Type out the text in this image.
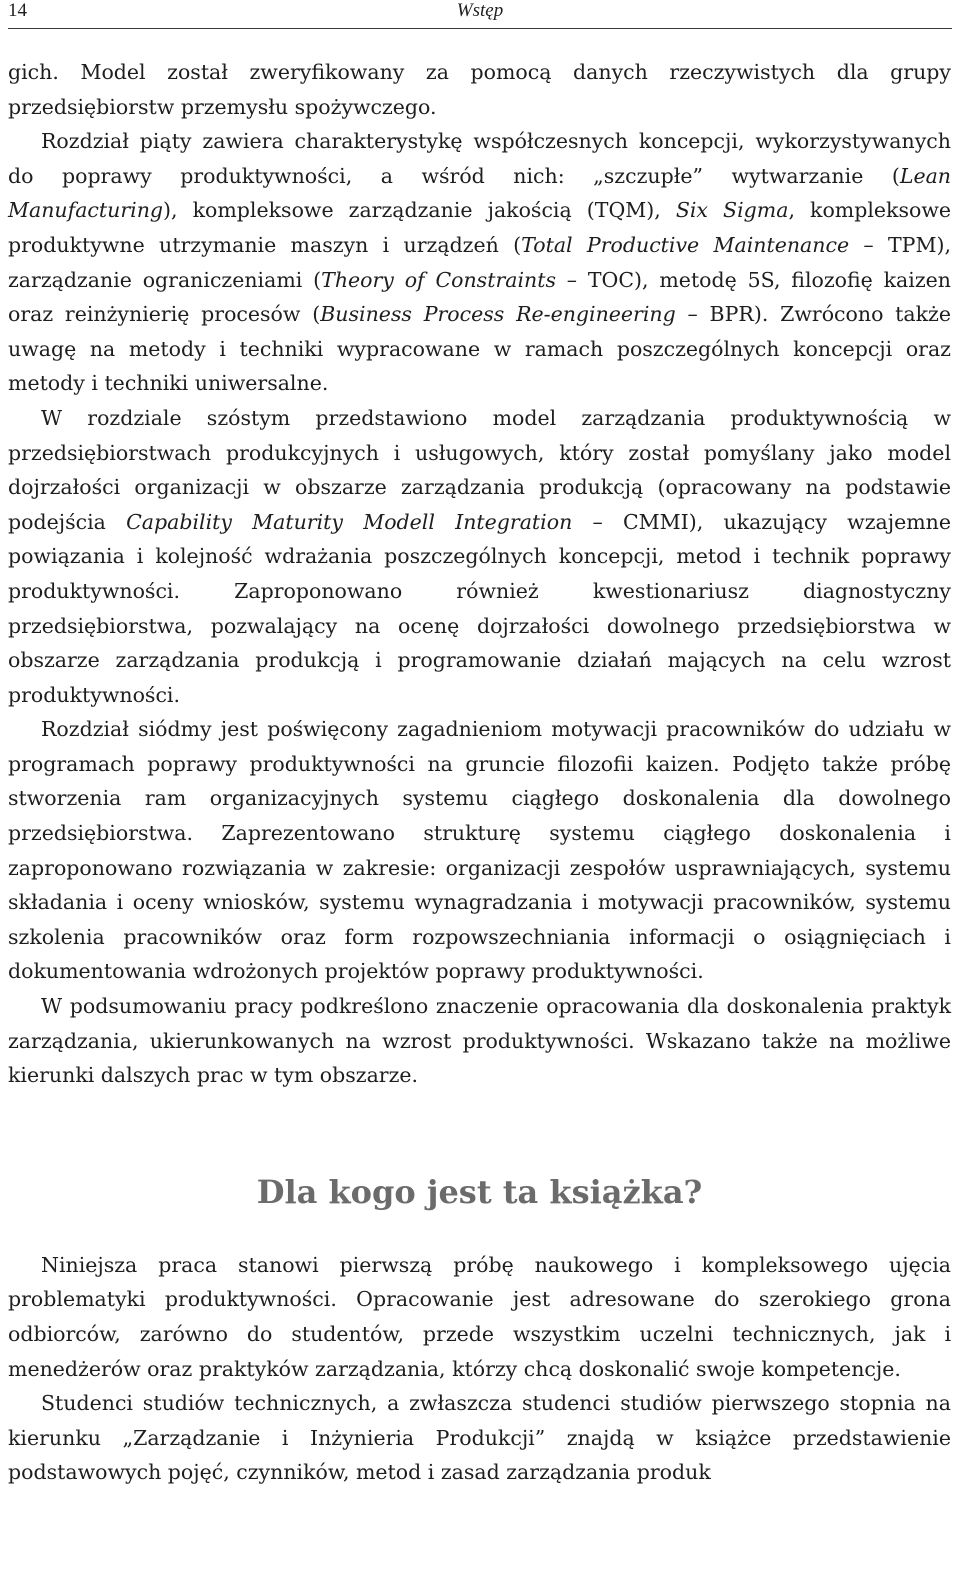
14	Wstęp

gich. Model został zweryfikowany za pomocą danych rzeczywistych dla grupy przedsiębiorstw przemysłu spożywczego.

Rozdział piąty zawiera charakterystykę współczesnych koncepcji, wykorzystywanych do poprawy produktywności, a wśród nich: „szczupłe” wytwarzanie (Lean Manufacturing), kompleksowe zarządzanie jakością (TQM), Six Sigma, kompleksowe produktywne utrzymanie maszyn i urządzeń (Total Productive Maintenance – TPM), zarządzanie ograniczeniami (Theory of Constraints – TOC), metodę 5S, filozofię kaizen oraz reinżynierię procesów (Business Process Re-engineering – BPR). Zwrócono także uwagę na metody i techniki wypracowane w ramach poszczególnych koncepcji oraz metody i techniki uniwersalne.

W rozdziale szóstym przedstawiono model zarządzania produktywnością w przedsiębiorstwach produkcyjnych i usługowych, który został pomyślany jako model dojrzałości organizacji w obszarze zarządzania produkcją (opracowany na podstawie podejścia Capability Maturity Modell Integration – CMMI), ukazujący wzajemne powiązania i kolejność wdrażania poszczególnych koncepcji, metod i technik poprawy produktywności. Zaproponowano również kwestionariusz diagnostyczny przedsiębiorstwa, pozwalający na ocenę dojrzałości dowolnego przedsiębiorstwa w obszarze zarządzania produkcją i programowanie działań mających na celu wzrost produktywności.

Rozdział siódmy jest poświęcony zagadnieniom motywacji pracowników do udziału w programach poprawy produktywności na gruncie filozofii kaizen. Podjęto także próbę stworzenia ram organizacyjnych systemu ciągłego doskonalenia dla dowolnego przedsiębiorstwa. Zaprezentowano strukturę systemu ciągłego doskonalenia i zaproponowano rozwiązania w zakresie: organizacji zespołów usprawniających, systemu składania i oceny wniosków, systemu wynagradzania i motywacji pracowników, systemu szkolenia pracowników oraz form rozpowszechniania informacji o osiągnięciach i dokumentowania wdrożonych projektów poprawy produktywności.

W podsumowaniu pracy podkreślono znaczenie opracowania dla doskonalenia praktyk zarządzania, ukierunkowanych na wzrost produktywności. Wskazano także na możliwe kierunki dalszych prac w tym obszarze.

Dla kogo jest ta książka?

Niniejsza praca stanowi pierwszą próbę naukowego i kompleksowego ujęcia problematyki produktywności. Opracowanie jest adresowane do szerokiego grona odbiorców, zarówno do studentów, przede wszystkim uczelni technicznych, jak i menedżerów oraz praktyków zarządzania, którzy chcą doskonalić swoje kompetencje.

Studenci studiów technicznych, a zwłaszcza studenci studiów pierwszego stopnia na kierunku „Zarządzanie i Inżynieria Produkcji” znajdą w książce przedstawienie podstawowych pojęć, czynników, metod i zasad zarządzania produk
